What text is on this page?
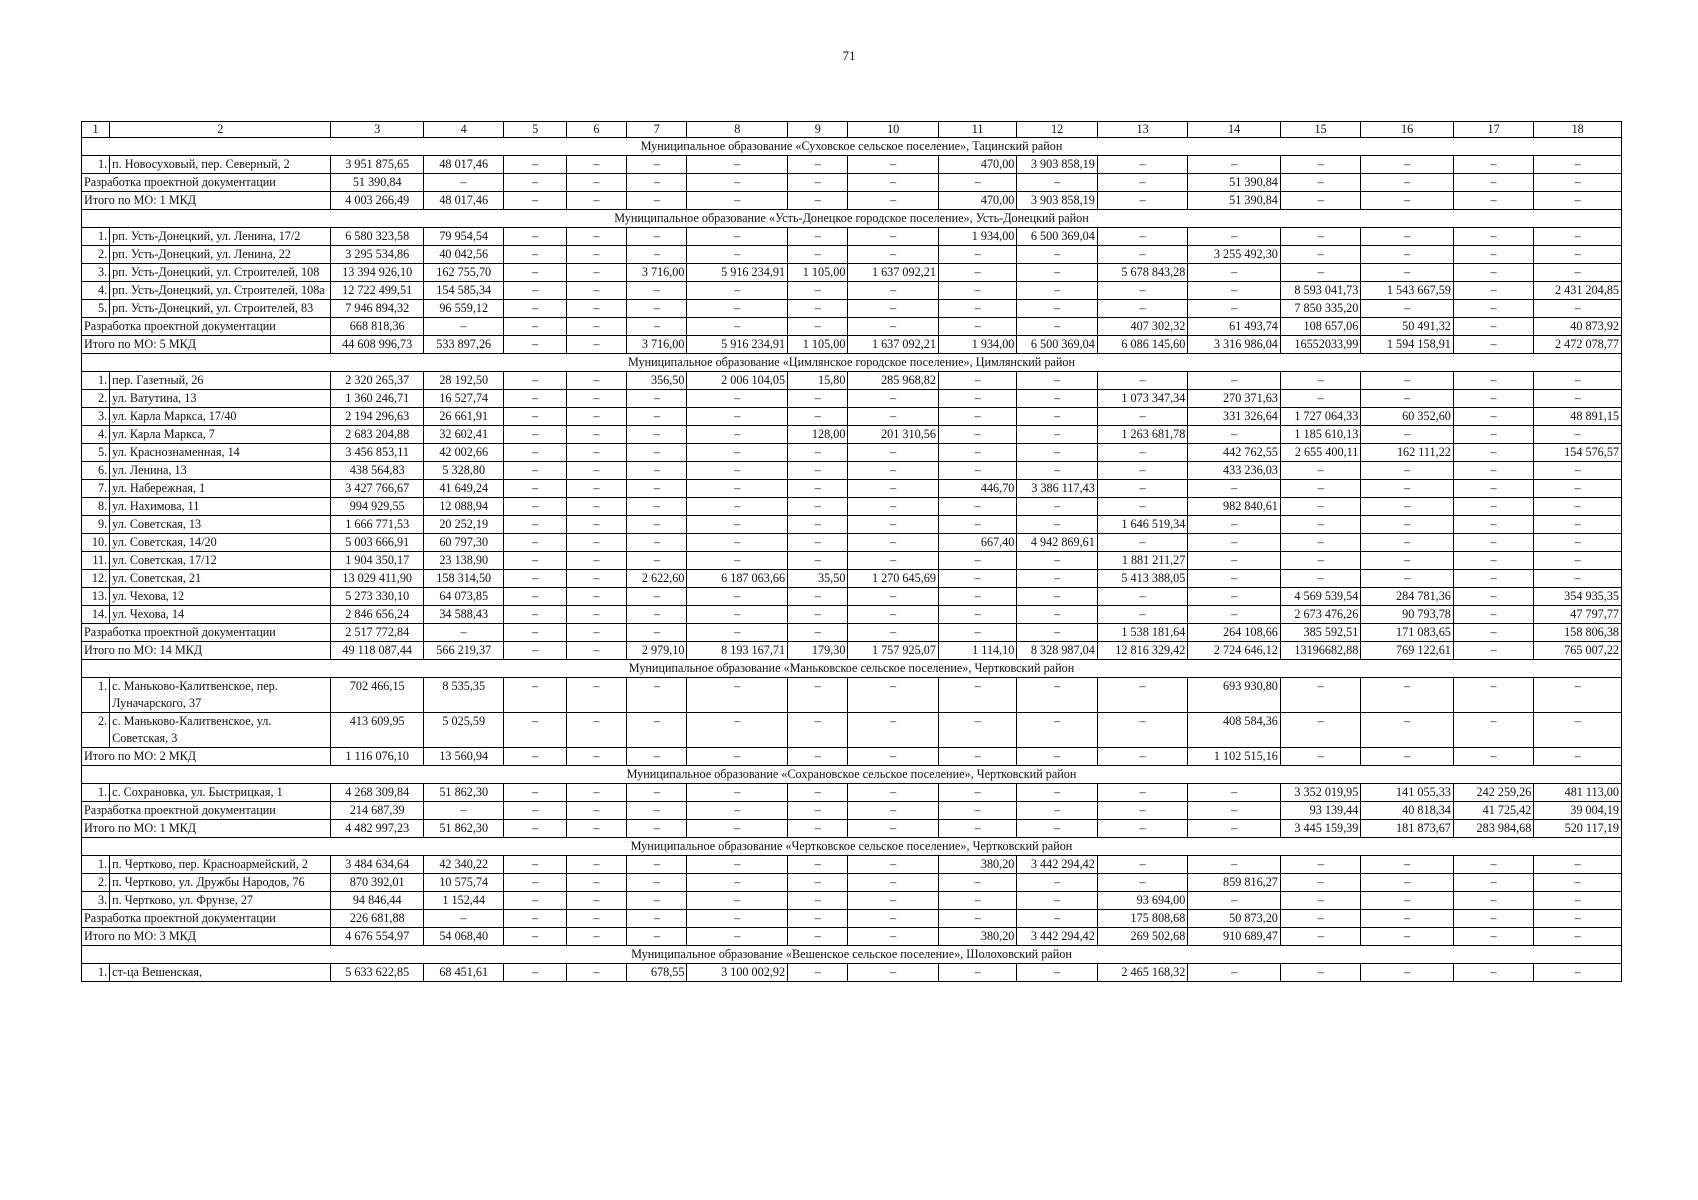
71
1	2	3	4	5	6	7	8	9	10	11	12	13	14	15	16	17	18
Муниципальное образование «Суховское сельское поселение», Тацинский район																	
1.	п. Новосуховый, пер. Северный, 2	3 951 875,65	48 017,46	–	–	–	–	–	–	470,00	3 903 858,19	–	–	–	–	–	–
Разработка проектной документации		51 390,84	–	–	–	–	–	–	–	–	–	–	51 390,84	–	–	–	–
Итого по МО: 1 МКД		4 003 266,49	48 017,46	–	–	–	–	–	–	470,00	3 903 858,19	–	51 390,84	–	–	–	–
Муниципальное образование «Усть-Донецкое городское поселение», Усть-Донецкий район																	
1.	рп. Усть-Донецкий, ул. Ленина, 17/2	6 580 323,58	79 954,54	–	–	–	–	–	–	1 934,00	6 500 369,04	–	–	–	–	–	–
2.	рп. Усть-Донецкий, ул. Ленина, 22	3 295 534,86	40 042,56	–	–	–	–	–	–	–	–	–	3 255 492,30	–	–	–	–
3.	рп. Усть-Донецкий, ул. Строителей, 108	13 394 926,10	162 755,70	–	–	3 716,00	5 916 234,91	1 105,00	1 637 092,21	–	–	5 678 843,28	–	–	–	–	–
4.	рп. Усть-Донецкий, ул. Строителей, 108а	12 722 499,51	154 585,34	–	–	–	–	–	–	–	–	–	–	8 593 041,73	1 543 667,59	–	2 431 204,85
5.	рп. Усть-Донецкий, ул. Строителей, 83	7 946 894,32	96 559,12	–	–	–	–	–	–	–	–	–	–	7 850 335,20	–	–	–
Разработка проектной документации		668 818,36	–	–	–	–	–	–	–	–	–	407 302,32	61 493,74	108 657,06	50 491,32	–	40 873,92
Итого по МО: 5 МКД		44 608 996,73	533 897,26	–	–	3 716,00	5 916 234,91	1 105,00	1 637 092,21	1 934,00	6 500 369,04	6 086 145,60	3 316 986,04	16552033,99	1 594 158,91	–	2 472 078,77
Муниципальное образование «Цимлянское городское поселение», Цимлянский район																	
1.	пер. Газетный, 26	2 320 265,37	28 192,50	–	–	356,50	2 006 104,05	15,80	285 968,82	–	–	–	–	–	–	–	–
2.	ул. Ватутина, 13	1 360 246,71	16 527,74	–	–	–	–	–	–	–	–	1 073 347,34	270 371,63	–	–	–	–
3.	ул. Карла Маркса, 17/40	2 194 296,63	26 661,91	–	–	–	–	–	–	–	–	–	331 326,64	1 727 064,33	60 352,60	–	48 891,15
4.	ул. Карла Маркса, 7	2 683 204,88	32 602,41	–	–	–	–	128,00	201 310,56	–	–	1 263 681,78	–	1 185 610,13	–	–	–
5.	ул. Краснознаменная, 14	3 456 853,11	42 002,66	–	–	–	–	–	–	–	–	–	442 762,55	2 655 400,11	162 111,22	–	154 576,57
6.	ул. Ленина, 13	438 564,83	5 328,80	–	–	–	–	–	–	–	–	–	433 236,03	–	–	–	–
7.	ул. Набережная, 1	3 427 766,67	41 649,24	–	–	–	–	–	–	446,70	3 386 117,43	–	–	–	–	–	–
8.	ул. Нахимова, 11	994 929,55	12 088,94	–	–	–	–	–	–	–	–	–	982 840,61	–	–	–	–
9.	ул. Советская, 13	1 666 771,53	20 252,19	–	–	–	–	–	–	–	–	1 646 519,34	–	–	–	–	–
10.	ул. Советская, 14/20	5 003 666,91	60 797,30	–	–	–	–	–	–	667,40	4 942 869,61	–	–	–	–	–	–
11.	ул. Советская, 17/12	1 904 350,17	23 138,90	–	–	–	–	–	–	–	–	1 881 211,27	–	–	–	–	–
12.	ул. Советская, 21	13 029 411,90	158 314,50	–	–	2 622,60	6 187 063,66	35,50	1 270 645,69	–	–	5 413 388,05	–	–	–	–	–
13.	ул. Чехова, 12	5 273 330,10	64 073,85	–	–	–	–	–	–	–	–	–	–	4 569 539,54	284 781,36	–	354 935,35
14.	ул. Чехова, 14	2 846 656,24	34 588,43	–	–	–	–	–	–	–	–	–	–	2 673 476,26	90 793,78	–	47 797,77
Разработка проектной документации		2 517 772,84	–	–	–	–	–	–	–	–	–	1 538 181,64	264 108,66	385 592,51	171 083,65	–	158 806,38
Итого по МО: 14 МКД		49 118 087,44	566 219,37	–	–	2 979,10	8 193 167,71	179,30	1 757 925,07	1 114,10	8 328 987,04	12 816 329,42	2 724 646,12	13196682,88	769 122,61	–	765 007,22
Муниципальное образование «Маньковское сельское поселение», Чертковский район																	
1.	с. Маньково-Калитвенское, пер. Луначарского, 37	702 466,15	8 535,35	–	–	–	–	–	–	–	–	–	693 930,80	–	–	–	–
2.	с. Маньково-Калитвенское, ул. Советская, 3	413 609,95	5 025,59	–	–	–	–	–	–	–	–	–	408 584,36	–	–	–	–
Итого по МО: 2 МКД		1 116 076,10	13 560,94	–	–	–	–	–	–	–	–	–	1 102 515,16	–	–	–	–
Муниципальное образование «Сохрановское сельское поселение», Чертковский район																	
1.	с. Сохрановка, ул. Быстрицкая, 1	4 268 309,84	51 862,30	–	–	–	–	–	–	–	–	–	–	3 352 019,95	141 055,33	242 259,26	481 113,00
Разработка проектной документации		214 687,39	–	–	–	–	–	–	–	–	–	–	–	93 139,44	40 818,34	41 725,42	39 004,19
Итого по МО: 1 МКД		4 482 997,23	51 862,30	–	–	–	–	–	–	–	–	–	–	3 445 159,39	181 873,67	283 984,68	520 117,19
Муниципальное образование «Чертковское сельское поселение», Чертковский район																	
1.	п. Чертково, пер. Красноармейский, 2	3 484 634,64	42 340,22	–	–	–	–	–	–	380,20	3 442 294,42	–	–	–	–	–	–
2.	п. Чертково, ул. Дружбы Народов, 76	870 392,01	10 575,74	–	–	–	–	–	–	–	–	–	859 816,27	–	–	–	–
3.	п. Чертково, ул. Фрунзе, 27	94 846,44	1 152,44	–	–	–	–	–	–	–	–	93 694,00	–	–	–	–	–
Разработка проектной документации		226 681,88	–	–	–	–	–	–	–	–	–	175 808,68	50 873,20	–	–	–	–
Итого по МО: 3 МКД		4 676 554,97	54 068,40	–	–	–	–	–	–	380,20	3 442 294,42	269 502,68	910 689,47	–	–	–	–
Муниципальное образование «Вешенское сельское поселение», Шолоховский район																	
1.	ст-ца Вешенская,	5 633 622,85	68 451,61	–	–	678,55	3 100 002,92	–	–	–	–	2 465 168,32	–	–	–	–	–
